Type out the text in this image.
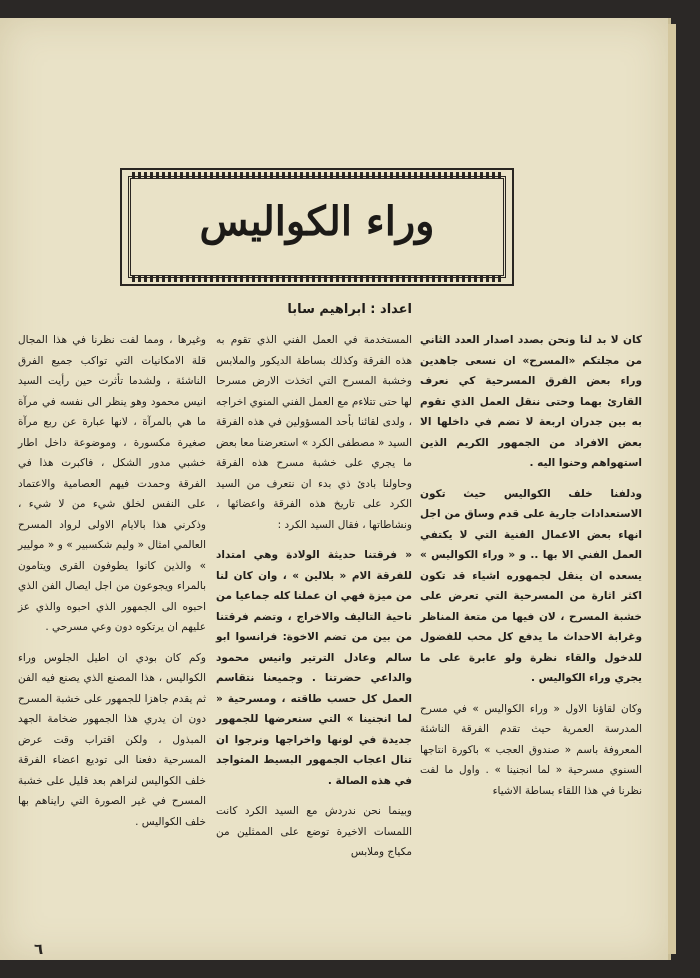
وراء الكواليس
اعداد : ابراهيم سابا

كان لا بد لنا ونحن بصدد اصدار العدد الثاني من مجلتكم «المسرح» ان نسعى جاهدين وراء بعض الفرق المسرحية كي نعرف القارئ بهما وحتى ننقل العمل الذي تقوم به بين جدران اربعة لا تضم في داخلها الا بعض الافراد من الجمهور الكريم الذين استهواهم وحنوا اليه .

ودلفنا خلف الكواليس حيث تكون الاستعدادات جارية على قدم وساق من اجل انهاء بعض الاعمال الفنية التي لا يكتفي العمل الفني الا بها .. و « وراء الكواليس » يسعده ان ينقل لجمهوره اشياء قد تكون اكثر اثارة من المسرحية التي تعرض على خشبة المسرح ، لان فيها من متعة المناظر وغرابة الاحداث ما يدفع كل محب للفضول للدخول والقاء نظرة ولو عابرة على ما يجري وراء الكواليس .

وكان لقاؤنا الاول « وراء الكواليس » في مسرح المدرسة العمرية حيث تقدم الفرقة الناشئة المعروفة باسم « صندوق العجب » باكورة انتاجها السنوي مسرحية « لما انجنينا » . واول ما لفت نظرنا في هذا اللقاء بساطة الاشياء

المستخدمة في العمل الفني الذي تقوم به هذه الفرقة وكذلك بساطة الديكور والملابس وخشبة المسرح التي اتخذت الارض مسرحا لها حتى تتلاءم مع العمل الفني المنوي اخراجه ، ولدى لقائنا بأحد المسؤولين في هذه الفرقة السيد « مصطفى الكرد » استعرضنا معا بعض ما يجري على خشبة مسرح هذه الفرقة وحاولنا بادئ ذي بدء ان نتعرف من السيد الكرد على تاريخ هذه الفرقة واعضائها ، ونشاطاتها ، فقال السيد الكرد :

« فرقتنا حديثة الولادة وهي امتداد للفرقة الام « بلالين » ، وان كان لنا من ميزة فهي ان عملنا كله جماعيا من ناحية التاليف والاخراج ، وتضم فرقتنا من بين من تضم الاخوة: فرانسوا ابو سالم وعادل الترتير وانيس محمود والداعي حضرتنا . وجميعنا نتقاسم العمل كل حسب طاقته ، ومسرحية « لما انجنينا » التي سنعرضها للجمهور جديدة في لونها واخراجها ونرجوا ان تنال اعجاب الجمهور البسيط المتواجد في هذه الصالة .

وبينما نحن ندردش مع السيد الكرد كانت اللمسات الاخيرة توضع على الممثلين من مكياج وملابس

وغيرها ، ومما لفت نظرنا في هذا المجال قلة الامكانيات التي تواكب جميع الفرق الناشئة ، ولشدما تأثرت حين رأيت السيد انيس محمود وهو ينظر الى نفسه في مرآة ما هي بالمرآة ، لانها عبارة عن ربع مرآة صغيرة مكسورة ، وموضوعة داخل اطار خشبي مدور الشكل ، فاكبرت هذا في الفرقة وحمدت فيهم العصامية والاعتماد على النفس لخلق شيء من لا شيء ، وذكرني هذا بالايام الاولى لرواد المسرح العالمي امثال « وليم شكسبير » و « موليير » والذين كانوا يطوفون القرى ويتامون بالمراء ويجوعون من اجل ايصال الفن الذي احبوه الى الجمهور الذي احبوه والذي عز عليهم ان يرتكوه دون وعي مسرحي .

وكم كان بودي ان اطيل الجلوس وراء الكواليس ، هذا المصنع الذي يصنع فيه الفن ثم يقدم جاهزا للجمهور على خشبة المسرح دون ان يدري هذا الجمهور ضخامة الجهد المبذول ، ولكن اقتراب وقت عرض المسرحية دفعنا الى توديع اعضاء الفرقة خلف الكواليس لنراهم بعد قليل على خشبة المسرح في غير الصورة التي رايناهم بها خلف الكواليس .

٦
